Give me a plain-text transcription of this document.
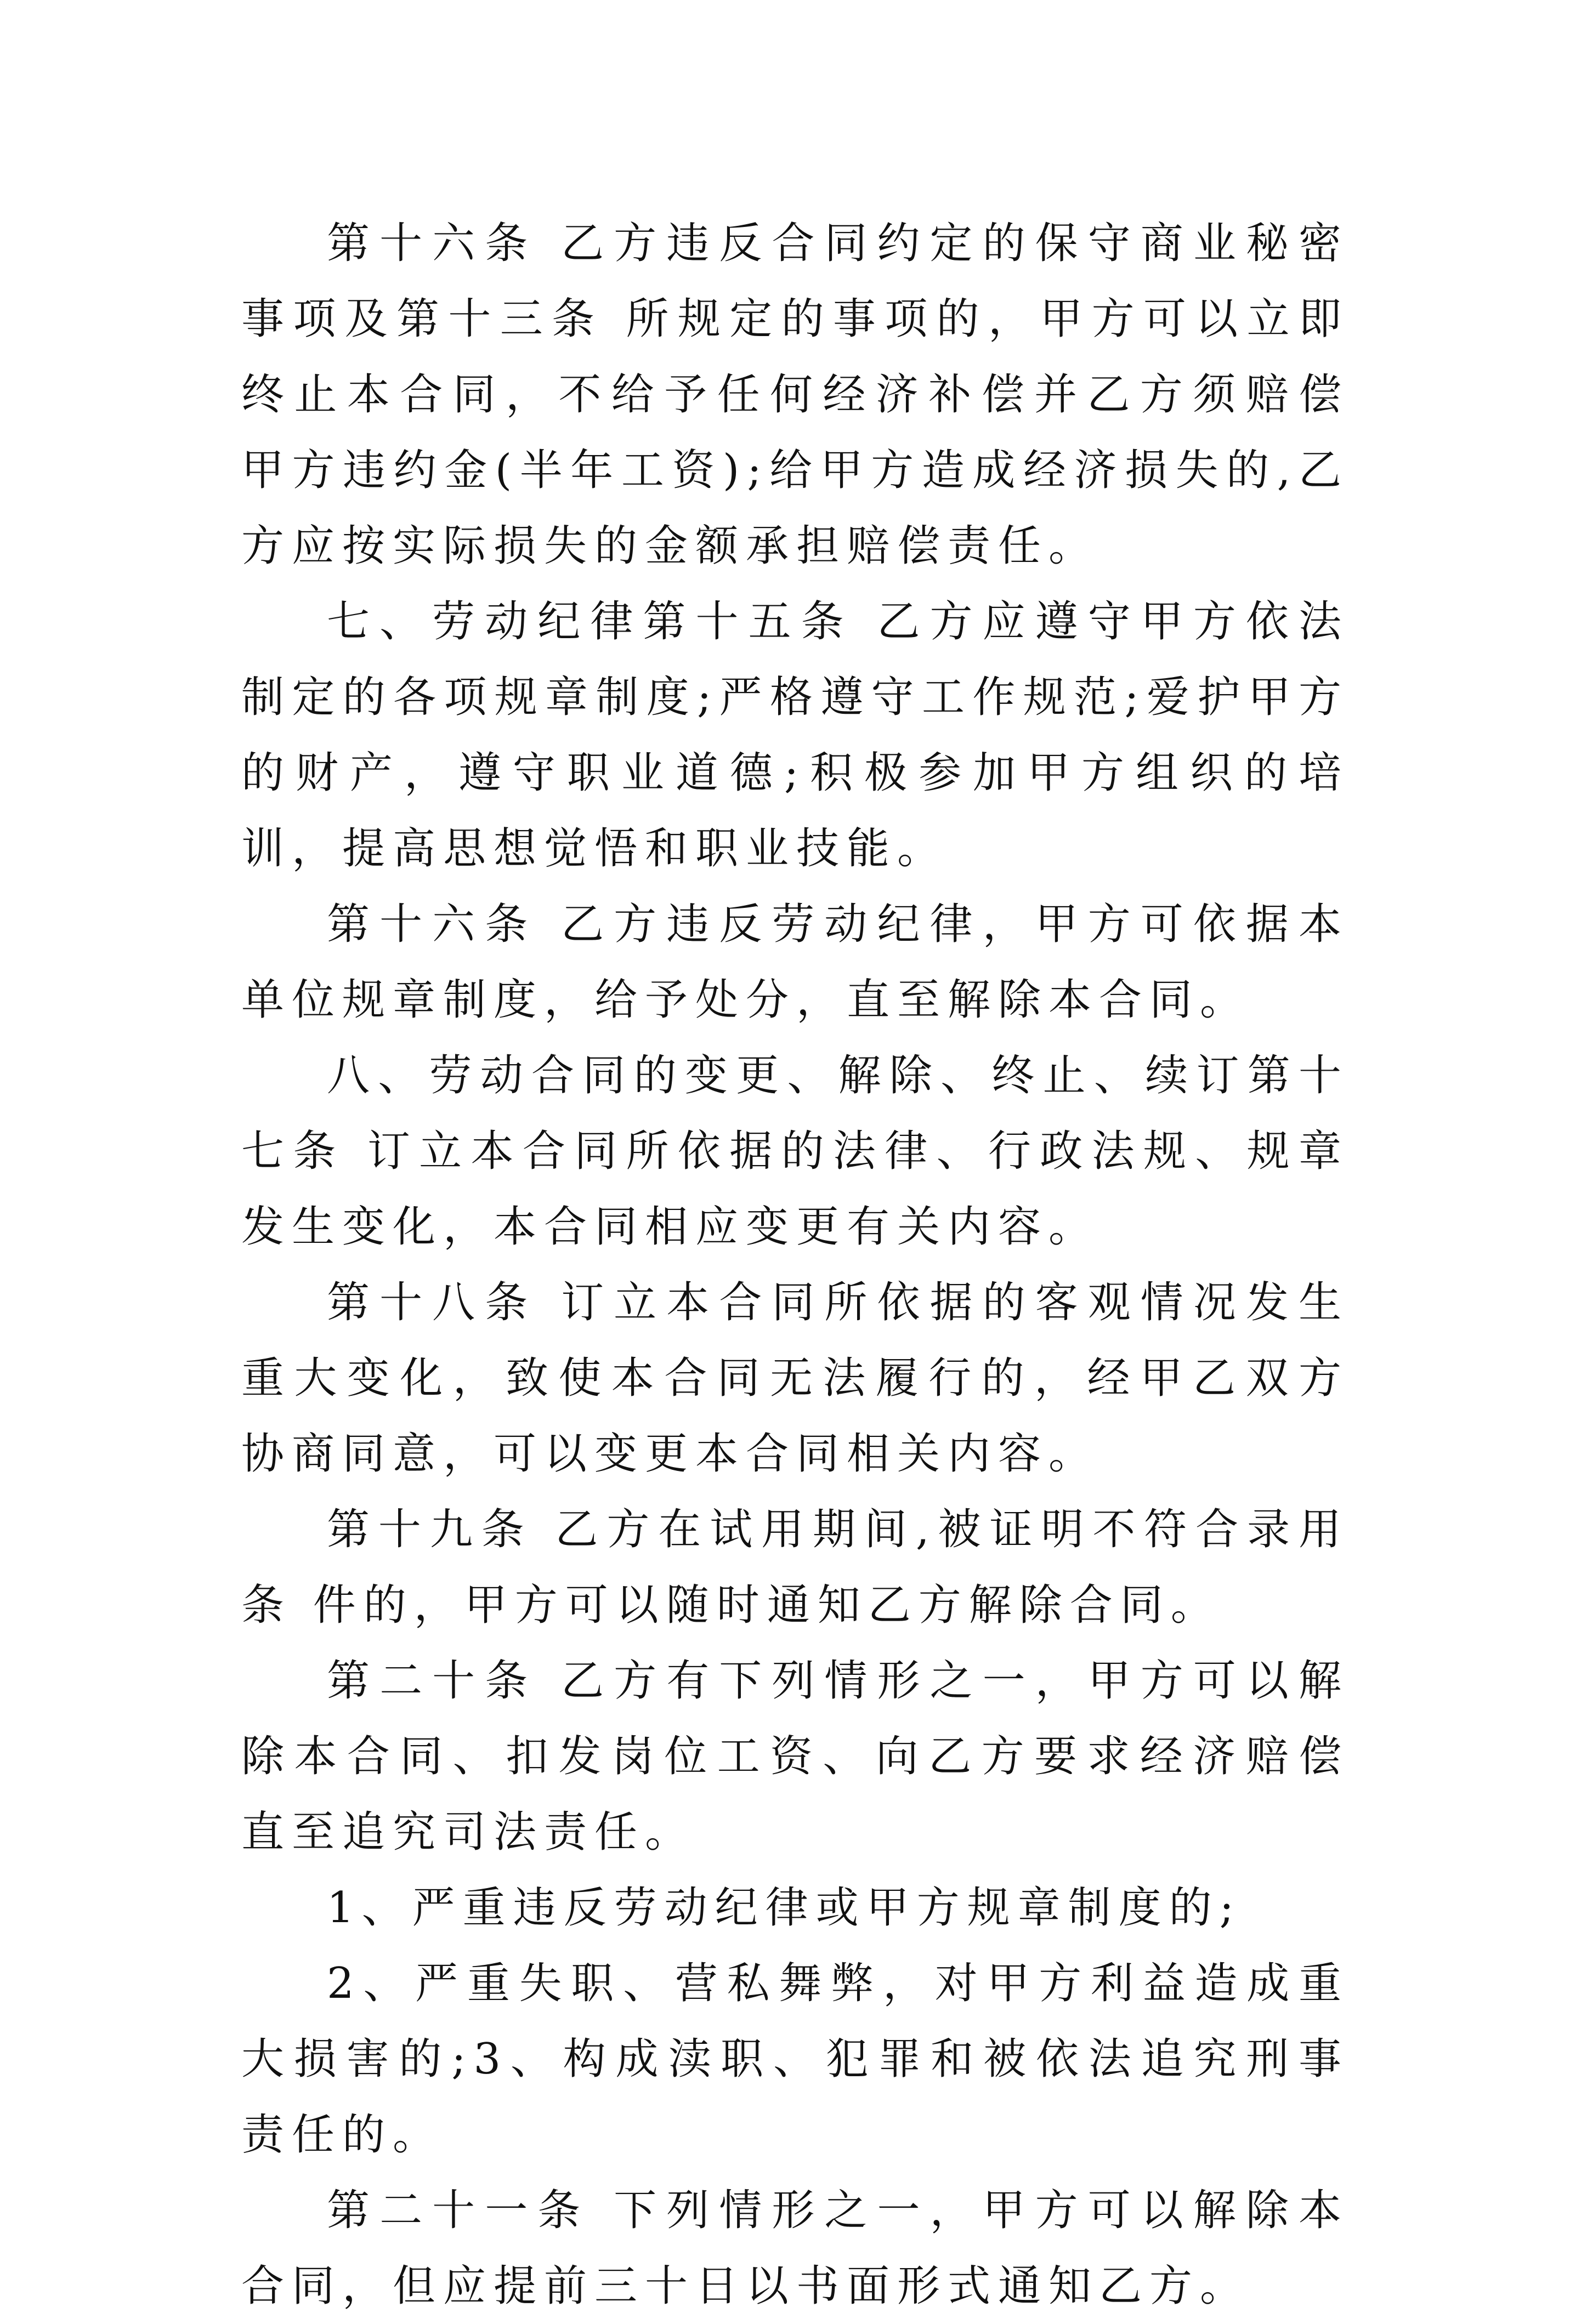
第十六条 乙方违反合同约定的保守商业秘密事项及第十三条 所规定的事项的，甲方可以立即终止本合同，不给予任何经济补偿并乙方须赔偿甲方违约金(半年工资);给甲方造成经济损失的,乙方应按实际损失的金额承担赔偿责任。

七、劳动纪律第十五条 乙方应遵守甲方依法制定的各项规章制度;严格遵守工作规范;爱护甲方的财产，遵守职业道德;积极参加甲方组织的培训，提高思想觉悟和职业技能。

第十六条 乙方违反劳动纪律，甲方可依据本单位规章制度，给予处分，直至解除本合同。

八、劳动合同的变更、解除、终止、续订第十七条 订立本合同所依据的法律、行政法规、规章发生变化，本合同相应变更有关内容。

第十八条 订立本合同所依据的客观情况发生重大变化，致使本合同无法履行的，经甲乙双方协商同意，可以变更本合同相关内容。

第十九条 乙方在试用期间,被证明不符合录用条 件的，甲方可以随时通知乙方解除合同。

第二十条 乙方有下列情形之一，甲方可以解除本合同、扣发岗位工资、向乙方要求经济赔偿直至追究司法责任。

1、严重违反劳动纪律或甲方规章制度的;

2、严重失职、营私舞弊，对甲方利益造成重大损害的;3、构成渎职、犯罪和被依法追究刑事责任的。

第二十一条 下列情形之一，甲方可以解除本合同，但应提前三十日以书面形式通知乙方。
